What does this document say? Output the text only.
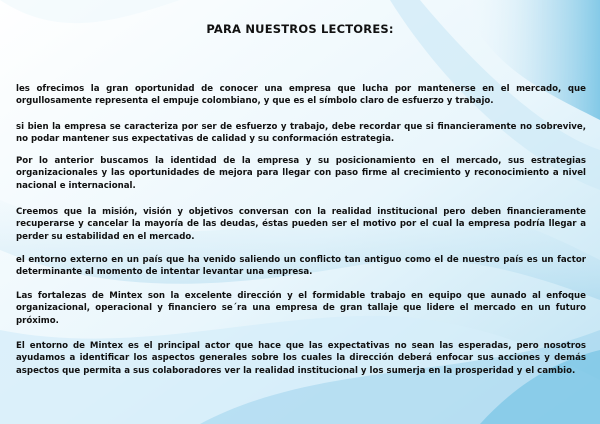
PARA NUESTROS LECTORES:

les ofrecimos la gran oportunidad de conocer una empresa que lucha por mantenerse en el mercado, que orgullosamente representa el empuje colombiano, y que es el símbolo claro de esfuerzo y trabajo.

si bien la empresa se caracteriza por ser de esfuerzo y trabajo, debe recordar que si financieramente no sobrevive, no podar mantener sus expectativas de calidad y su conformación estrategia.

Por lo anterior buscamos la identidad de la empresa y su posicionamiento en el mercado, sus estrategias organizacionales y las oportunidades de mejora para llegar con paso firme al crecimiento y reconocimiento a nivel nacional e internacional.

Creemos que la misión, visión y objetivos conversan con la realidad institucional pero deben financieramente recuperarse y cancelar la mayoría de las deudas, éstas pueden ser el motivo por el cual la empresa podría llegar a perder su estabilidad en el mercado.

el entorno externo en un país que ha venido saliendo un conflicto tan antiguo como el de nuestro país es un factor determinante al momento de intentar levantar una empresa.

Las fortalezas de Mintex son la excelente dirección y el formidable trabajo en equipo que aunado al enfoque organizacional, operacional y financiero se´ra una empresa de gran tallaje que lidere el mercado en un futuro próximo.

El entorno de Mintex es el principal actor que hace que las expectativas no sean las esperadas, pero nosotros ayudamos a identificar los aspectos generales sobre los cuales la dirección deberá enfocar sus acciones y demás aspectos que permita a sus colaboradores ver la realidad institucional y los sumerja en la prosperidad y el cambio.
